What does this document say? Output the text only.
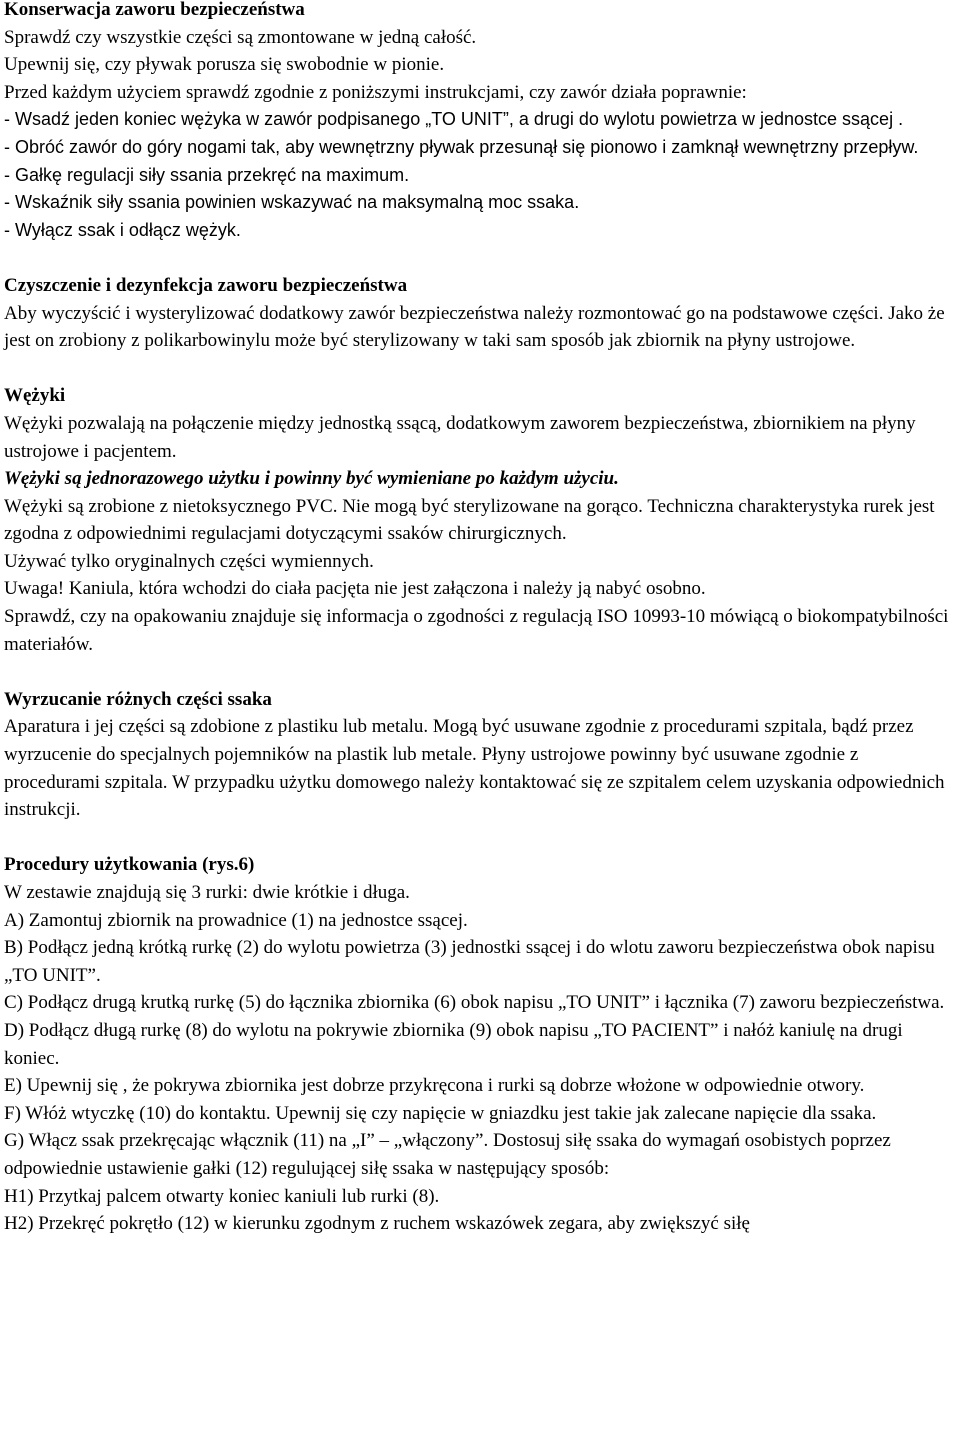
Konserwacja zaworu bezpieczeństwa
Sprawdź czy wszystkie części są zmontowane w jedną całość.
Upewnij się, czy pływak porusza się swobodnie w pionie.
Przed każdym użyciem sprawdź zgodnie z poniższymi instrukcjami, czy zawór działa poprawnie:
- Wsadź jeden koniec wężyka w zawór podpisanego „TO UNIT”, a drugi do wylotu powietrza w jednostce ssącej .
- Obróć zawór do góry nogami tak, aby wewnętrzny pływak przesunął się pionowo i zamknął wewnętrzny przepływ.
- Gałkę regulacji siły ssania przekręć na maximum.
- Wskaźnik siły ssania powinien wskazywać na maksymalną moc ssaka.
- Wyłącz ssak i odłącz wężyk.
Czyszczenie i dezynfekcja zaworu bezpieczeństwa
Aby wyczyścić i wysterylizować dodatkowy zawór bezpieczeństwa należy rozmontować go na podstawowe części. Jako że jest on zrobiony z polikarbowinylu może być sterylizowany w taki sam sposób jak zbiornik na płyny ustrojowe.
Wężyki
Wężyki pozwalają na połączenie między jednostką ssącą, dodatkowym zaworem bezpieczeństwa, zbiornikiem na płyny ustrojowe i pacjentem.
Wężyki są jednorazowego użytku i powinny być wymieniane po każdym użyciu.
Wężyki są zrobione z nietoksycznego PVC. Nie mogą być sterylizowane na gorąco. Techniczna charakterystyka rurek jest zgodna z odpowiednimi regulacjami dotyczącymi ssaków chirurgicznych.
Używać tylko oryginalnych części wymiennych.
Uwaga! Kaniula, która wchodzi do ciała pacjęta nie jest załączona i należy ją nabyć osobno.
Sprawdź, czy na opakowaniu znajduje się informacja o zgodności z regulacją ISO 10993-10 mówiącą o biokompatybilności materiałów.
Wyrzucanie różnych części ssaka
Aparatura i jej części są zdobione z plastiku lub metalu. Mogą być usuwane zgodnie z procedurami szpitala, bądź przez wyrzucenie do specjalnych pojemników na plastik lub metale. Płyny ustrojowe powinny być usuwane zgodnie z procedurami szpitala. W przypadku użytku domowego należy kontaktować się ze szpitalem celem uzyskania odpowiednich instrukcji.
Procedury użytkowania (rys.6)
W zestawie znajdują się 3 rurki: dwie krótkie i długa.
A) Zamontuj zbiornik na prowadnice (1) na jednostce ssącej.
B) Podłącz jedną krótką rurkę (2) do wylotu powietrza (3) jednostki ssącej i do wlotu zaworu bezpieczeństwa obok napisu „TO UNIT”.
C) Podłącz drugą krutką rurkę (5) do łącznika zbiornika (6) obok napisu „TO UNIT” i łącznika (7) zaworu bezpieczeństwa.
D) Podłącz długą rurkę (8) do wylotu na pokrywie zbiornika (9) obok napisu „TO PACIENT” i nałóż kaniulę na drugi koniec.
E) Upewnij się , że pokrywa zbiornika jest dobrze przykręcona i rurki są dobrze włożone w odpowiednie otwory.
F) Włóż wtyczkę (10) do kontaktu. Upewnij się czy napięcie w gniazdku jest takie jak zalecane napięcie dla ssaka.
G) Włącz ssak przekręcając włącznik (11) na „I” – „włączony”. Dostosuj siłę ssaka do wymagań osobistych poprzez odpowiednie ustawienie gałki (12) regulującej siłę ssaka w następujący sposób:
H1) Przytkaj palcem otwarty koniec kaniuli lub rurki (8).
H2) Przekręć pokrętło (12) w kierunku zgodnym z ruchem wskazówek zegara, aby zwiększyć siłę
